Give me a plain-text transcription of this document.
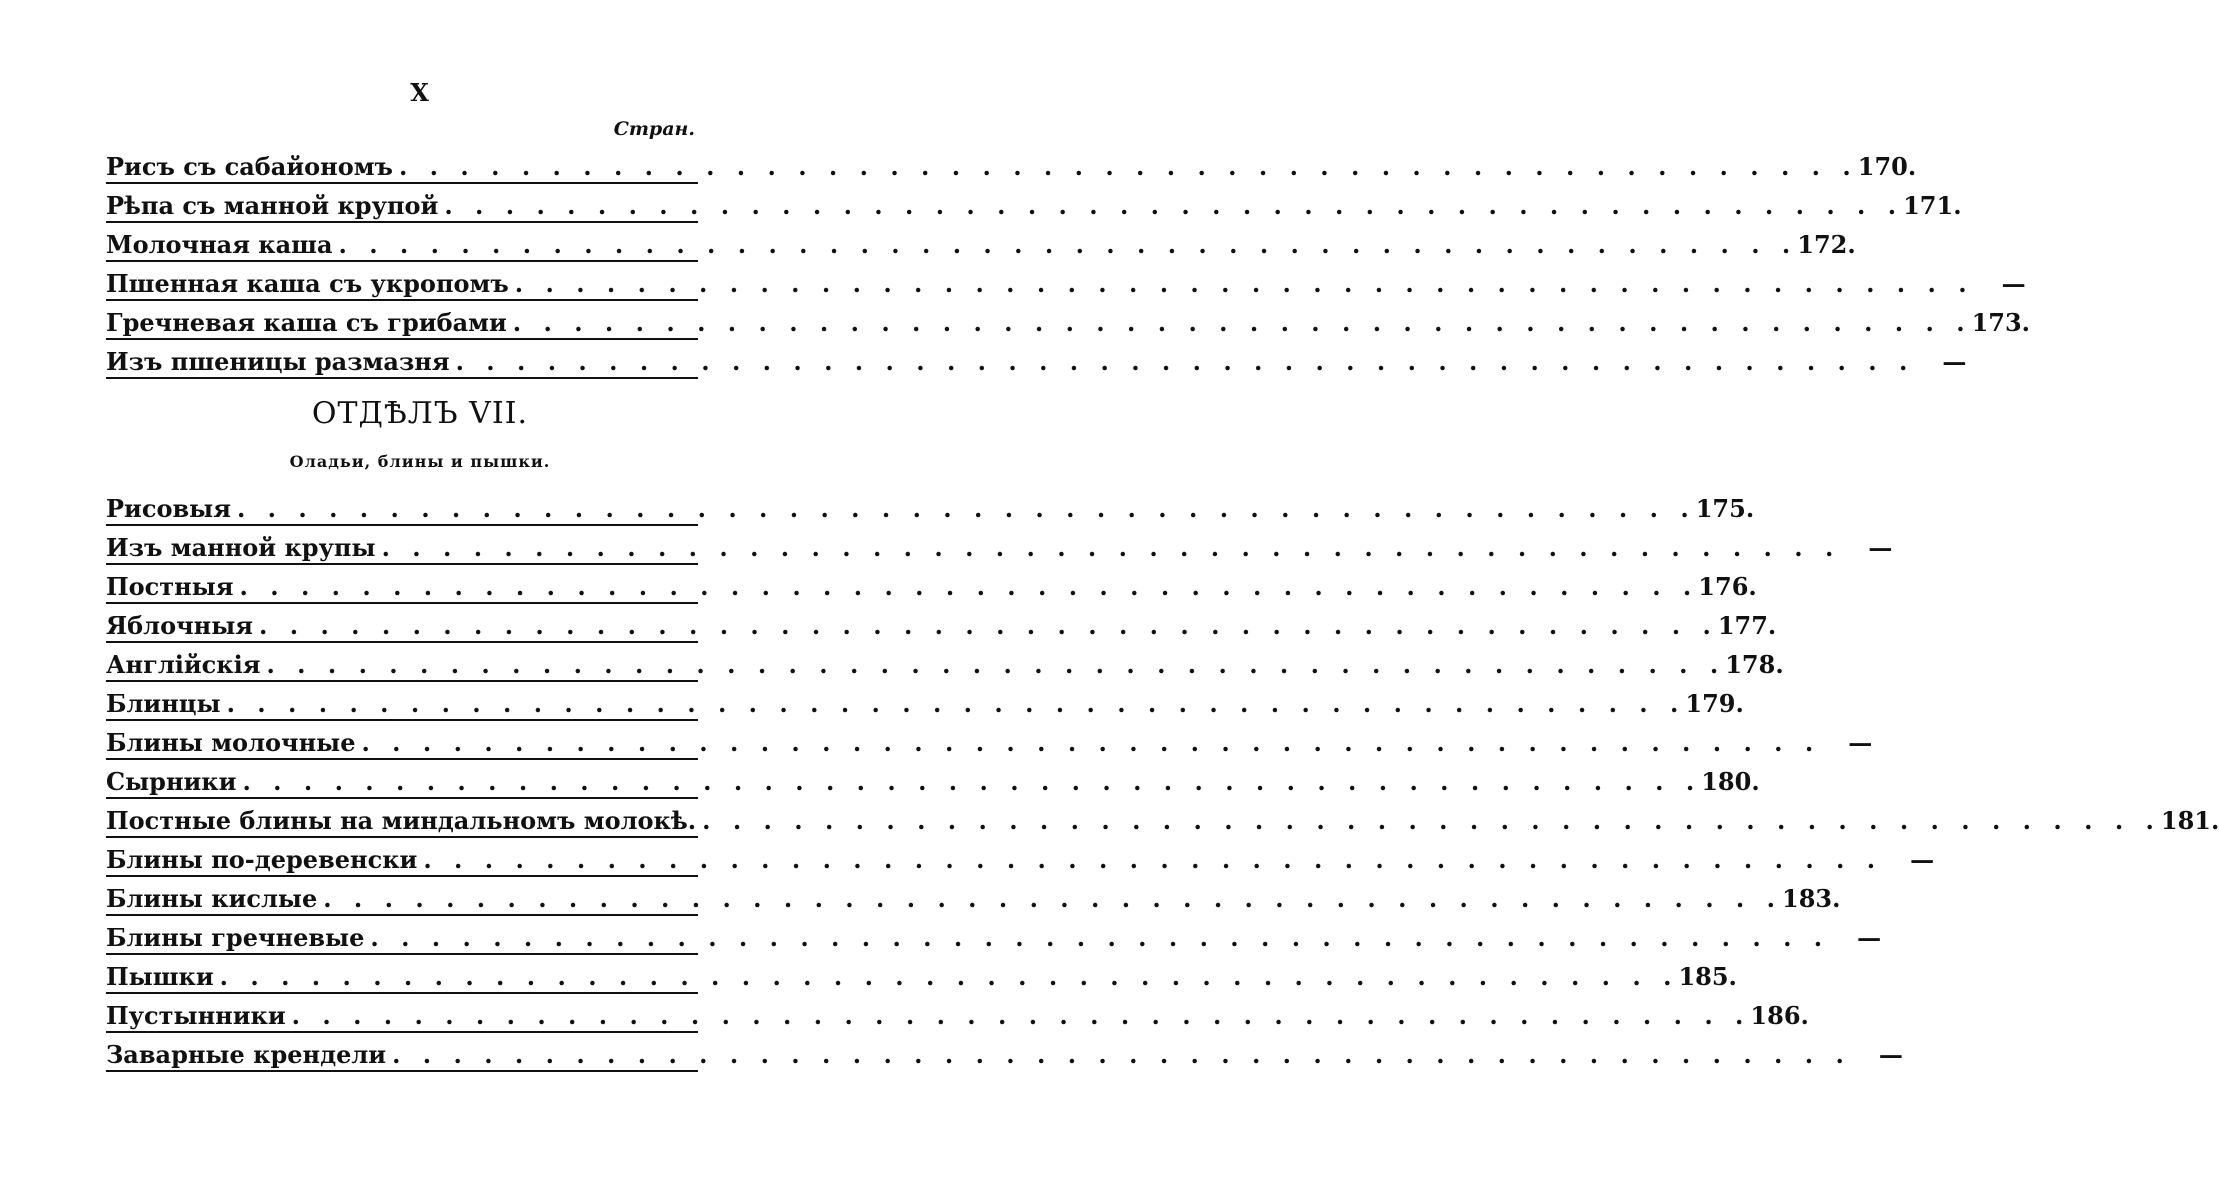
X
Стран.
Рисъ съ сабайономъ . . .	170.
Рѣпа съ манной крупой . . .	171.
Молочная каша . . .	172.
Пшенная каша съ укропомъ . . .	—
Гречневая каша съ грибами . . .	173.
Изъ пшеницы размазня . . .	—
ОТДѢЛЪ VII.
Оладьи, блины и пышки.
Рисовыя . . .	175.
Изъ манной крупы . . .	—
Постныя . . .	176.
Яблочныя . . .	177.
Англійскія . . .	178.
Блинцы . . .	179.
Блины молочные . . .	—
Сырники . . .	180.
Постные блины на миндальномъ молокѣ. . . .	181.
Блины по-деревенски . . .	—
Блины кислые . . .	183.
Блины гречневые . . .	—
Пышки . . .	185.
Пустынники . . .	186.
Заварные крендели . . .	—
